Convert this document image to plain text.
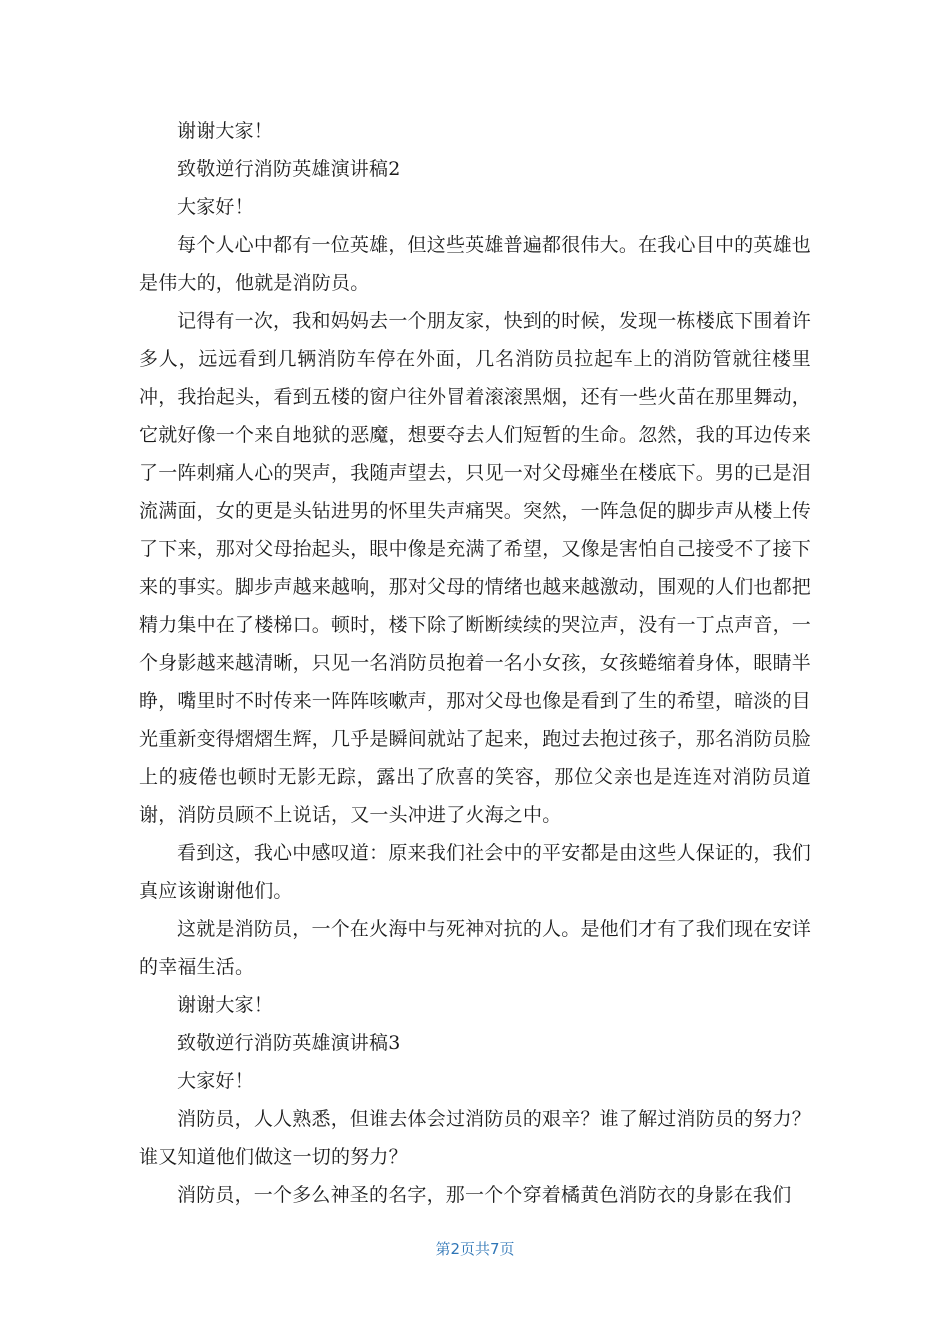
谢谢大家！

致敬逆行消防英雄演讲稿2

大家好！

每个人心中都有一位英雄，但这些英雄普遍都很伟大。在我心目中的英雄也是伟大的，他就是消防员。

记得有一次，我和妈妈去一个朋友家，快到的时候，发现一栋楼底下围着许多人，远远看到几辆消防车停在外面，几名消防员拉起车上的消防管就往楼里冲，我抬起头，看到五楼的窗户往外冒着滚滚黑烟，还有一些火苗在那里舞动，它就好像一个来自地狱的恶魔，想要夺去人们短暂的生命。忽然，我的耳边传来了一阵刺痛人心的哭声，我随声望去，只见一对父母瘫坐在楼底下。男的已是泪流满面，女的更是头钻进男的怀里失声痛哭。突然，一阵急促的脚步声从楼上传了下来，那对父母抬起头，眼中像是充满了希望，又像是害怕自己接受不了接下来的事实。脚步声越来越响，那对父母的情绪也越来越激动，围观的人们也都把精力集中在了楼梯口。顿时，楼下除了断断续续的哭泣声，没有一丁点声音，一个身影越来越清晰，只见一名消防员抱着一名小女孩，女孩蜷缩着身体，眼睛半睁，嘴里时不时传来一阵阵咳嗽声，那对父母也像是看到了生的希望，暗淡的目光重新变得熠熠生辉，几乎是瞬间就站了起来，跑过去抱过孩子，那名消防员脸上的疲倦也顿时无影无踪，露出了欣喜的笑容，那位父亲也是连连对消防员道谢，消防员顾不上说话，又一头冲进了火海之中。

看到这，我心中感叹道：原来我们社会中的平安都是由这些人保证的，我们真应该谢谢他们。

这就是消防员，一个在火海中与死神对抗的人。是他们才有了我们现在安详的幸福生活。

谢谢大家！

致敬逆行消防英雄演讲稿3

大家好！

消防员，人人熟悉，但谁去体会过消防员的艰辛？谁了解过消防员的努力？谁又知道他们做这一切的努力？

消防员，一个多么神圣的名字，那一个个穿着橘黄色消防衣的身影在我们

第2页共7页
